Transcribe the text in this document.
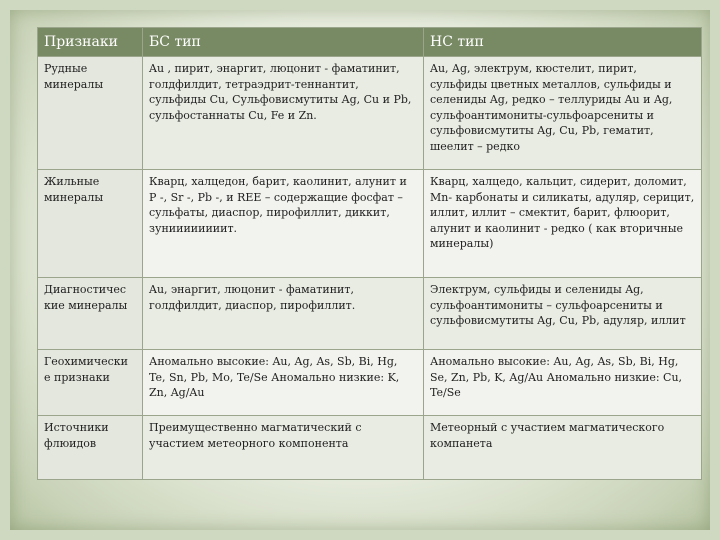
Признаки	БС тип	НС тип
Рудные минералы	Au , пирит, энаргит, люцонит - фаматинит, голдфилдит, тетраэдрит-теннантит, сульфиды Cu, Сульфовисмутиты Ag, Cu и Pb, сульфостаннаты Cu, Fe и Zn.	Au, Ag, электрум, кюстелит, пирит, сульфиды цветных металлов, сульфиды и селениды Ag, редко – теллуриды Au и Ag, сульфоантимониты-сульфоарсениты и сульфовисмутиты Ag, Cu, Pb, гематит, шеелит – редко
Жильные минералы	Кварц, халцедон, барит, каолинит, алунит и P -, Sr -, Pb -, и REE – содержащие фосфат – сульфаты, диаспор, пирофиллит, диккит, зуниииииииит.	Кварц, халцедо, кальцит, сидерит, доломит, Mn- карбонаты и силикаты, адуляр, серицит, иллит, иллит – смектит, барит, флюорит, алунит и каолинит - редко ( как вторичные минералы)
Диагностичес кие минералы	Au, энаргит, люцонит - фаматинит, голдфилдит, диаспор, пирофиллит.	Электрум, сульфиды и селениды Ag, сульфоантимониты – сульфоарсениты и сульфовисмутиты Ag, Cu, Pb, адуляр, иллит
Геохимически е признаки	Аномально высокие: Au, Ag, As, Sb, Bi, Hg, Te, Sn, Pb, Mo, Te/Se Аномально низкие: K, Zn, Ag/Au	Аномально высокие: Au, Ag, As, Sb, Bi, Hg, Se, Zn, Pb, K, Ag/Au Аномально низкие: Cu, Te/Se
Источники флюидов	Преимущественно магматический с участием метеорного компонента	Метеорный с участием магматического компанета
